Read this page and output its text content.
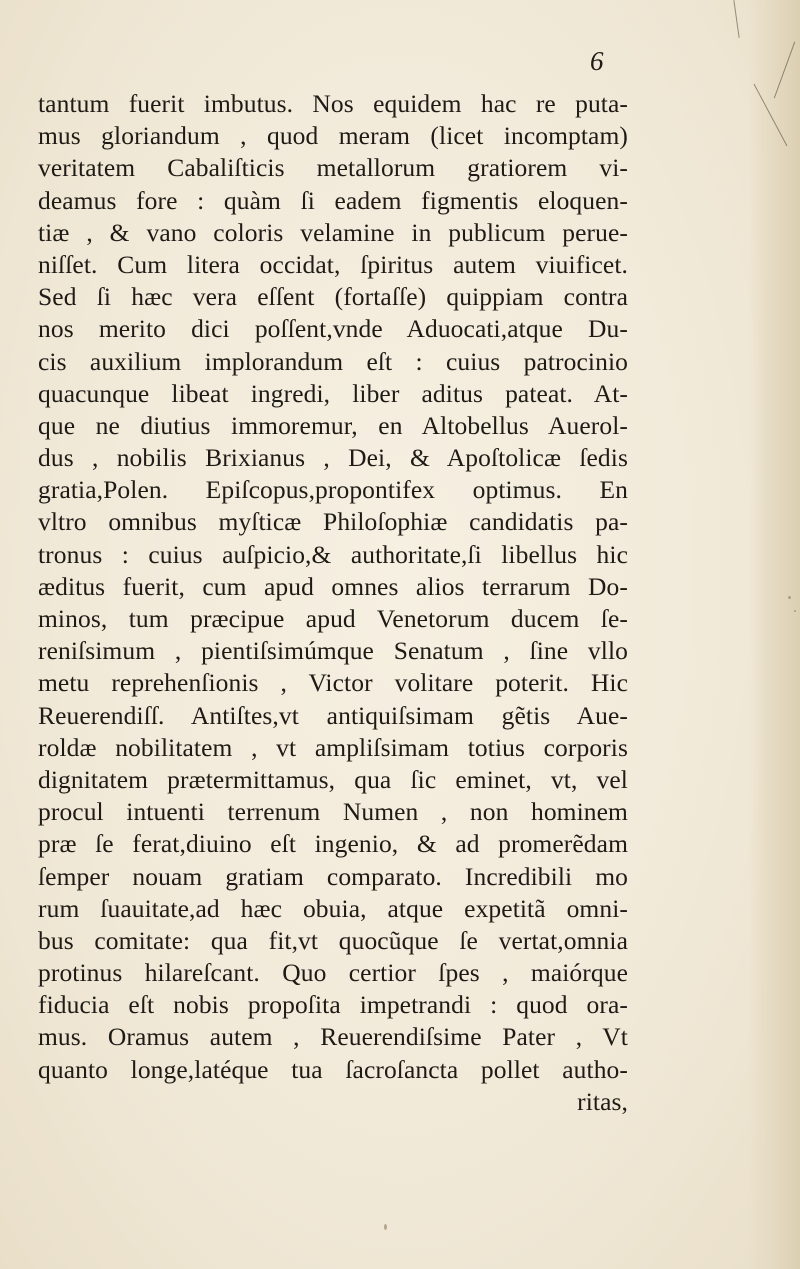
6
tantum fuerit imbutus. Nos equidem hac re puta-
mus gloriandum , quod meram (licet incomptam)
veritatem Cabaliſticis metallorum gratiorem vi-
deamus fore : quàm ſi eadem figmentis eloquen-
tiæ , & vano coloris velamine in publicum perue-
niſſet. Cum litera occidat, ſpiritus autem viuificet.
Sed ſi hæc vera eſſent (fortaſſe) quippiam contra
nos merito dici poſſent,vnde Aduocati,atque Du-
cis auxilium implorandum eſt : cuius patrocinio
quacunque libeat ingredi, liber aditus pateat. At-
que ne diutius immoremur, en Altobellus Auerol-
dus , nobilis Brixianus , Dei, & Apoſtolicæ ſedis
gratia,Polen. Epiſcopus,propontifex optimus. En
vltro omnibus myſticæ Philoſophiæ candidatis pa-
tronus : cuius auſpicio,& authoritate,ſi libellus hic
æditus fuerit, cum apud omnes alios terrarum Do-
minos, tum præcipue apud Venetorum ducem ſe-
reniſsimum , pientiſsimúmque Senatum , ſine vllo
metu reprehenſionis , Victor volitare poterit. Hic
Reuerendiſſ. Antiſtes,vt antiquiſsimam gẽtis Aue-
roldæ nobilitatem , vt ampliſsimam totius corporis
dignitatem prætermittamus, qua ſic eminet, vt, vel
procul intuenti terrenum Numen , non hominem
præ ſe ferat,diuino eſt ingenio, & ad promerẽdam
ſemper nouam gratiam comparato. Incredibili mo
rum ſuauitate,ad hæc obuia, atque expetitã omni-
bus comitate: qua fit,vt quocũque ſe vertat,omnia
protinus hilareſcant. Quo certior ſpes , maiórque
fiducia eſt nobis propoſita impetrandi : quod ora-
mus. Oramus autem , Reuerendiſsime Pater , Vt
quanto longe,latéque tua ſacroſancta pollet autho-
ritas,
